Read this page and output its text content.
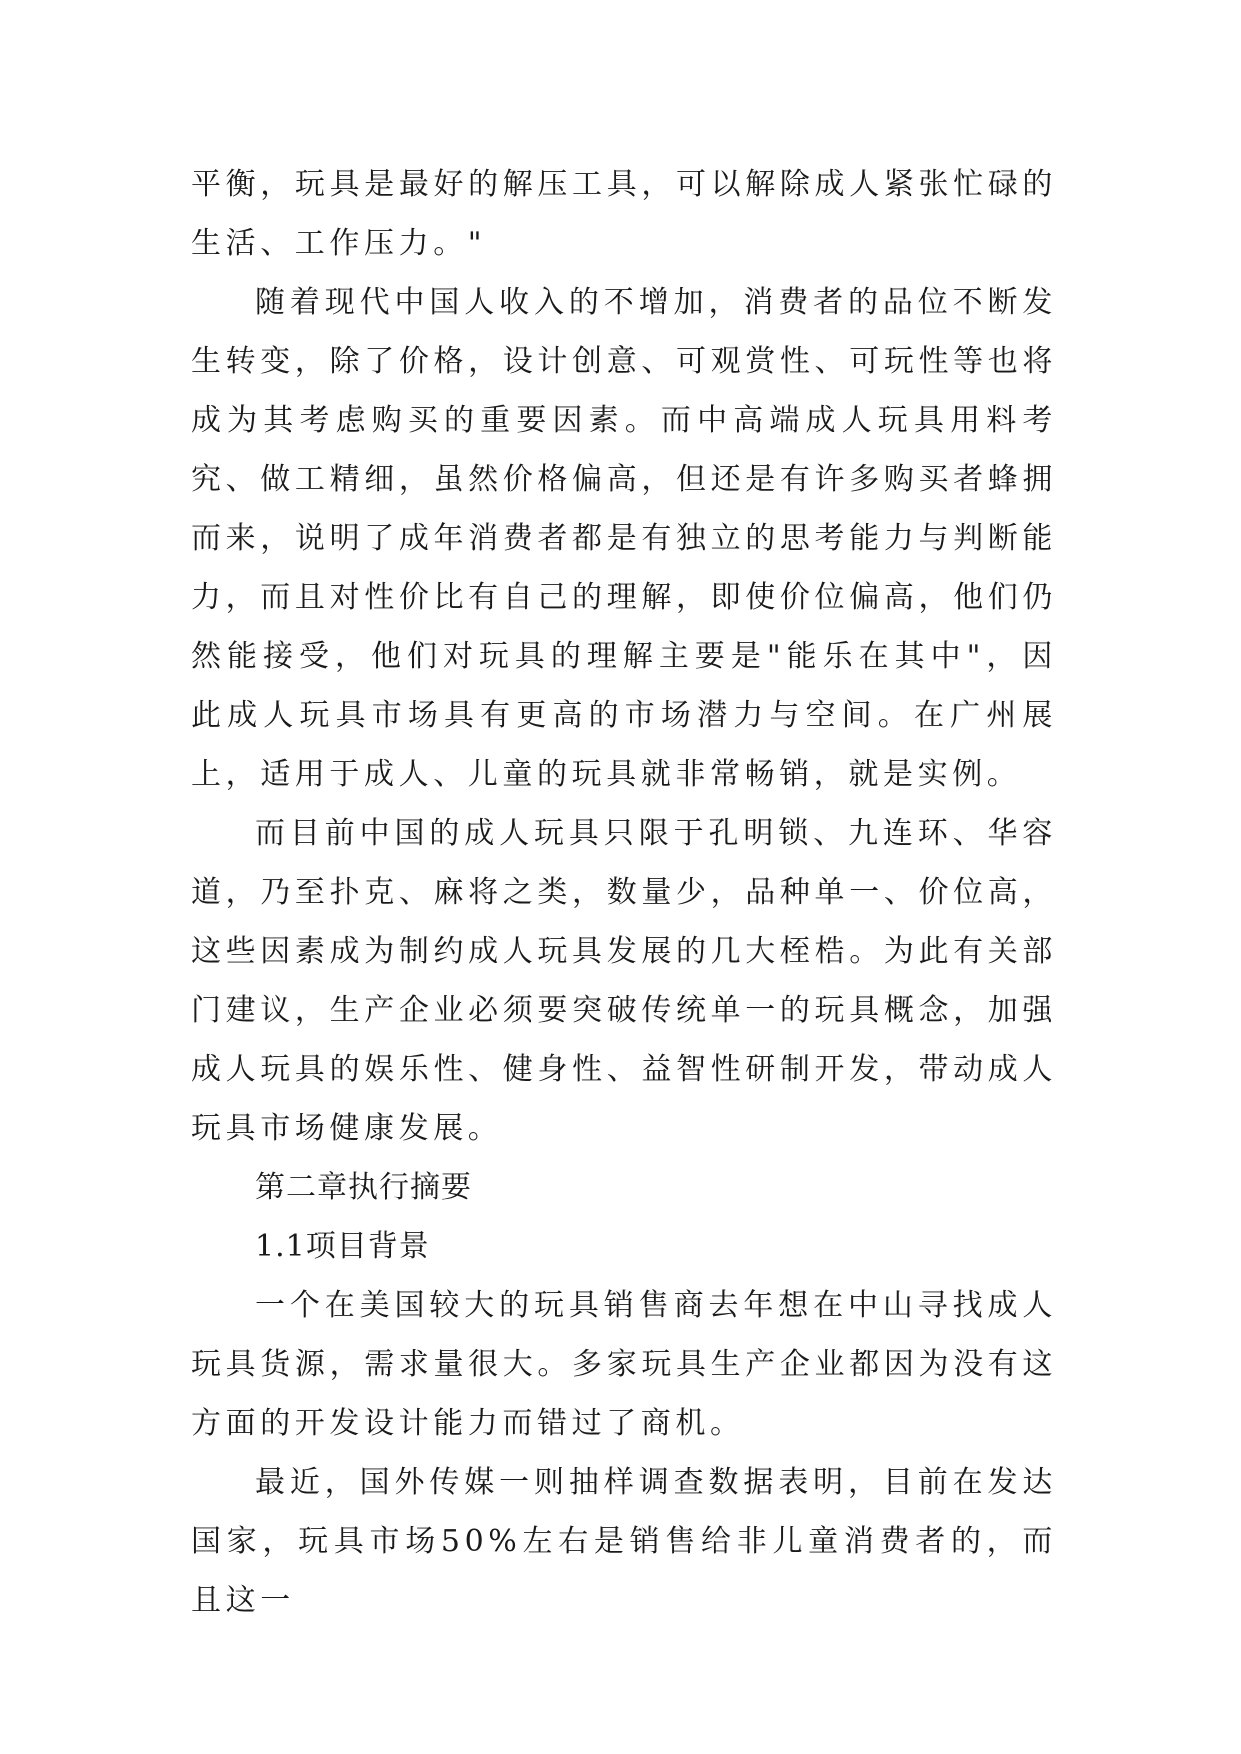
平衡，玩具是最好的解压工具，可以解除成人紧张忙碌的生活、工作压力。"

随着现代中国人收入的不增加，消费者的品位不断发生转变，除了价格，设计创意、可观赏性、可玩性等也将成为其考虑购买的重要因素。而中高端成人玩具用料考究、做工精细，虽然价格偏高，但还是有许多购买者蜂拥而来，说明了成年消费者都是有独立的思考能力与判断能力，而且对性价比有自己的理解，即使价位偏高，他们仍然能接受，他们对玩具的理解主要是"能乐在其中"，因此成人玩具市场具有更高的市场潜力与空间。在广州展上，适用于成人、儿童的玩具就非常畅销，就是实例。

而目前中国的成人玩具只限于孔明锁、九连环、华容道，乃至扑克、麻将之类，数量少，品种单一、价位高，这些因素成为制约成人玩具发展的几大桎梏。为此有关部门建议，生产企业必须要突破传统单一的玩具概念，加强成人玩具的娱乐性、健身性、益智性研制开发，带动成人玩具市场健康发展。

第二章执行摘要

1.1项目背景

一个在美国较大的玩具销售商去年想在中山寻找成人玩具货源，需求量很大。多家玩具生产企业都因为没有这方面的开发设计能力而错过了商机。

最近，国外传媒一则抽样调查数据表明，目前在发达国家，玩具市场50%左右是销售给非儿童消费者的，而且这一
